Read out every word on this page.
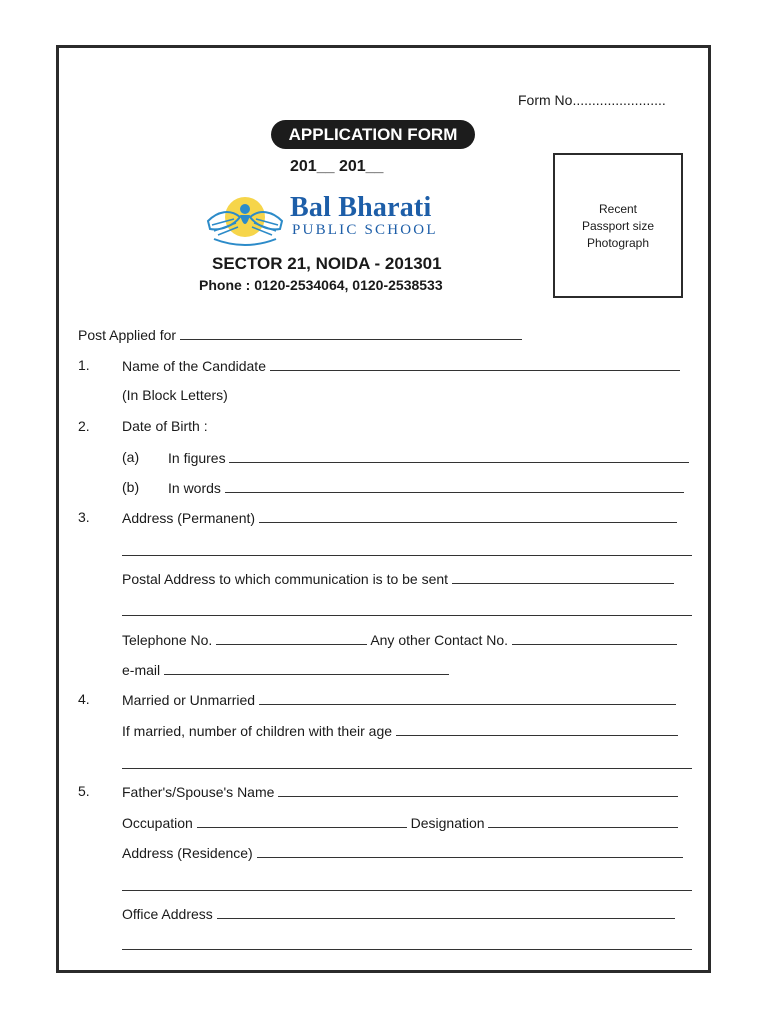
Form No........................
APPLICATION FORM
201__ 201__
Bal Bharati
PUBLIC SCHOOL
SECTOR 21, NOIDA - 201301
Phone : 0120-2534064, 0120-2538533
Recent
Passport size
Photograph
Post Applied for
1. Name of the Candidate
(In Block Letters)
2. Date of Birth :
(a) In figures
(b) In words
3. Address (Permanent)
Postal Address to which communication is to be sent
Telephone No.	Any other Contact No.
e-mail
4. Married or Unmarried
If married, number of children with their age
5. Father's/Spouse's Name
Occupation	Designation
Address (Residence)
Office Address
